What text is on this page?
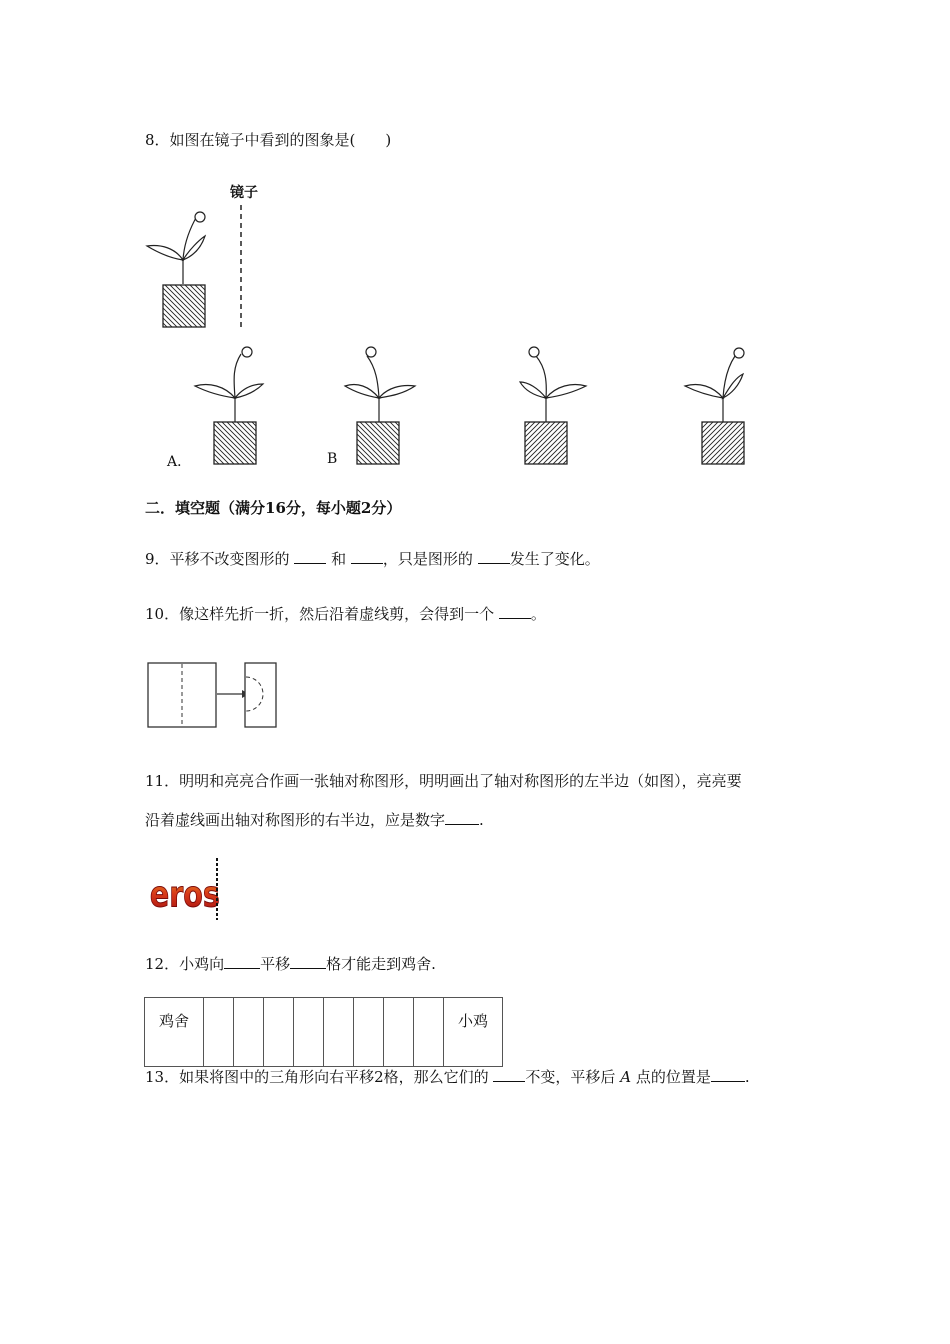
8．如图在镜子中看到的图象是(　　)
镜子
A．	B
二．填空题（满分16分，每小题2分）
9．平移不改变图形的	和 ，只是图形的 发生了变化。
10．像这样先折一折，然后沿着虚线剪，会得到一个 。
11．明明和亮亮合作画一张轴对称图形，明明画出了轴对称图形的左半边（如图），亮亮要
沿着虚线画出轴对称图形的右半边，应是数字 .
eros
12．小鸡向 平移 格才能走到鸡舍.
鸡舍									小鸡
13．如果将图中的三角形向右平移2格，那么它们的 不变，平移后 A 点的位置是 .
